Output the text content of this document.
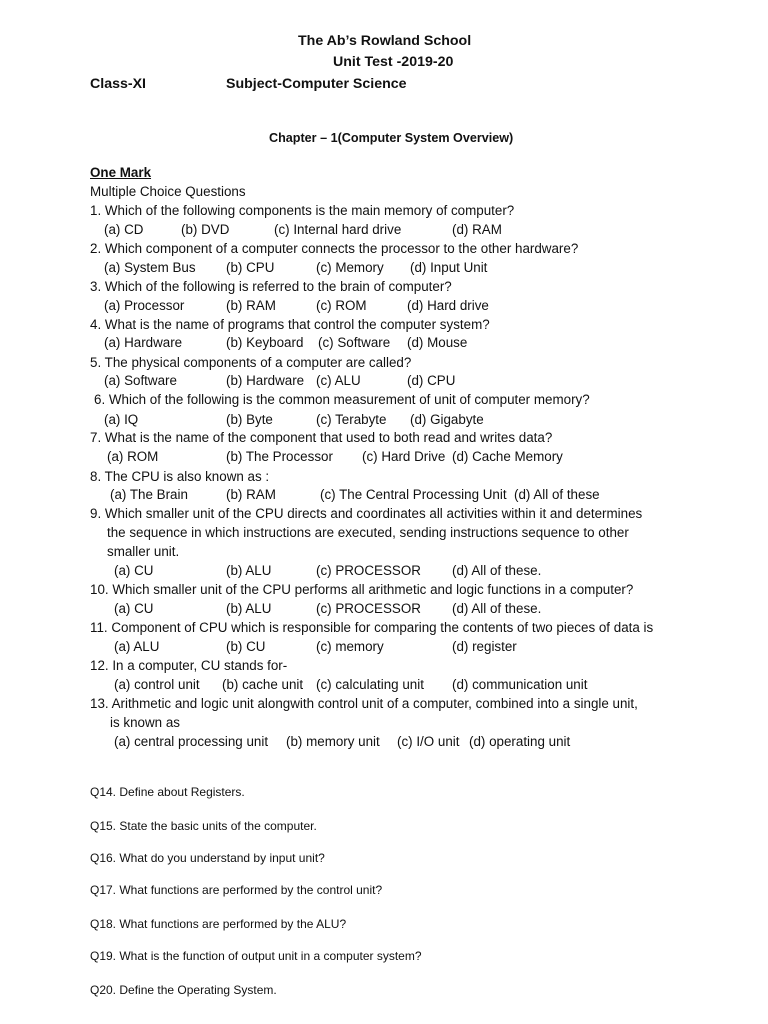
The Ab’s Rowland School
Unit Test -2019-20
Class-XI	Subject-Computer Science
Chapter – 1(Computer System Overview)
One Mark
Multiple Choice Questions
1. Which of the following components is the main memory of computer?
(a) CD	(b) DVD	(c) Internal hard drive	(d) RAM
2. Which component of a computer connects the processor to the other hardware?
(a) System Bus (b) CPU	(c) Memory (d) Input Unit
3. Which of the following is referred to the brain of computer?
(a) Processor	(b) RAM	(c) ROM	(d) Hard drive
4. What is the name of programs that control the computer system?
(a) Hardware	(b) Keyboard (c) Software (d) Mouse
5. The physical components of a computer are called?
(a) Software	(b) Hardware (c) ALU	(d) CPU
6. Which of the following is the common measurement of unit of computer memory?
(a) IQ	(b) Byte	(c) Terabyte (d) Gigabyte
7. What is the name of the component that used to both read and writes data?
(a) ROM	(b) The Processor (c) Hard Drive (d) Cache Memory
8. The CPU is also known as :
(a) The Brain	(b) RAM	(c) The Central Processing Unit (d) All of these
9. Which smaller unit of the CPU directs and coordinates all activities within it and determines
the sequence in which instructions are executed, sending instructions sequence to other
smaller unit.
(a) CU	(b) ALU	(c) PROCESSOR (d) All of these.
10. Which smaller unit of the CPU performs all arithmetic and logic functions in a computer?
(a) CU	(b) ALU	(c) PROCESSOR (d) All of these.
11. Component of CPU which is responsible for comparing the contents of two pieces of data is
(a) ALU	(b) CU	(c) memory	(d) register
12. In a computer, CU stands for-
(a) control unit (b) cache unit (c) calculating unit (d) communication unit
13. Arithmetic and logic unit alongwith control unit of a computer, combined into a single unit,
is known as
(a) central processing unit (b) memory unit (c) I/O unit (d) operating unit
Q14. Define about Registers.
Q15. State the basic units of the computer.
Q16. What do you understand by input unit?
Q17. What functions are performed by the control unit?
Q18. What functions are performed by the ALU?
Q19. What is the function of output unit in a computer system?
Q20. Define the Operating System.
